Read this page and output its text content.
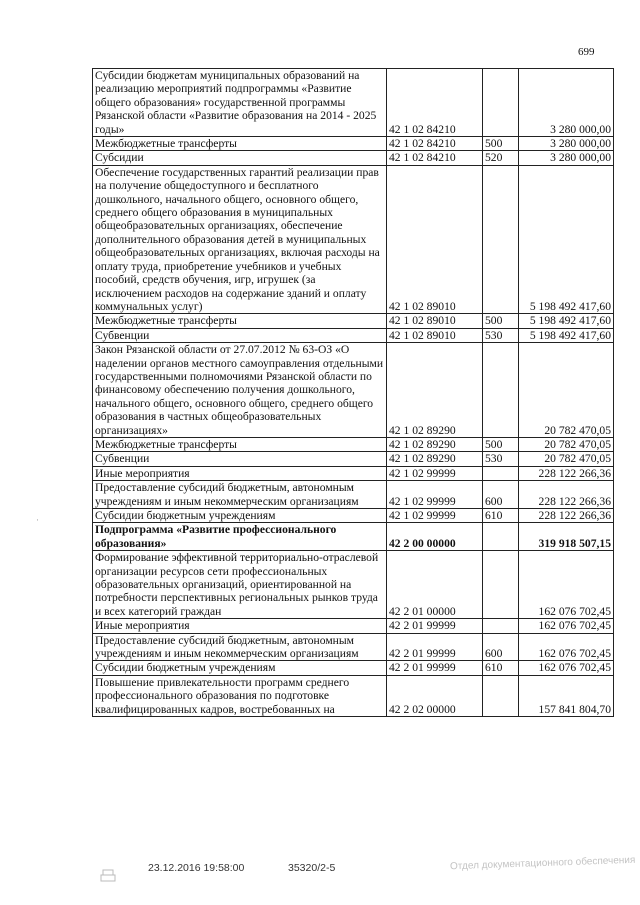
699
Субсидии бюджетам муниципальных образований на реализацию мероприятий подпрограммы «Развитие общего образования» государственной программы Рязанской области «Развитие образования на 2014 - 2025 годы»	42 1 02 84210		3 280 000,00
Межбюджетные трансферты	42 1 02 84210	500	3 280 000,00
Субсидии	42 1 02 84210	520	3 280 000,00
Обеспечение государственных гарантий реализации прав на получение общедоступного и бесплатного дошкольного, начального общего, основного общего, среднего общего образования в муниципальных общеобразовательных организациях, обеспечение дополнительного образования детей в муниципальных общеобразовательных организациях, включая расходы на оплату труда, приобретение учебников и учебных пособий, средств обучения, игр, игрушек (за исключением расходов на содержание зданий и оплату коммунальных услуг)	42 1 02 89010		5 198 492 417,60
Межбюджетные трансферты	42 1 02 89010	500	5 198 492 417,60
Субвенции	42 1 02 89010	530	5 198 492 417,60
Закон Рязанской области от 27.07.2012 № 63-ОЗ «О наделении органов местного самоуправления отдельными государственными полномочиями Рязанской области по финансовому обеспечению получения дошкольного, начального общего, основного общего, среднего общего образования в частных общеобразовательных организациях»	42 1 02 89290		20 782 470,05
Межбюджетные трансферты	42 1 02 89290	500	20 782 470,05
Субвенции	42 1 02 89290	530	20 782 470,05
Иные мероприятия	42 1 02 99999		228 122 266,36
Предоставление субсидий бюджетным, автономным учреждениям и иным некоммерческим организациям	42 1 02 99999	600	228 122 266,36
Субсидии бюджетным учреждениям	42 1 02 99999	610	228 122 266,36
Подпрограмма «Развитие профессионального образования»	42 2 00 00000		319 918 507,15
Формирование эффективной территориально-отраслевой организации ресурсов сети профессиональных образовательных организаций, ориентированной на потребности перспективных региональных рынков труда и всех категорий граждан	42 2 01 00000		162 076 702,45
Иные мероприятия	42 2 01 99999		162 076 702,45
Предоставление субсидий бюджетным, автономным учреждениям и иным некоммерческим организациям	42 2 01 99999	600	162 076 702,45
Субсидии бюджетным учреждениям	42 2 01 99999	610	162 076 702,45
Повышение привлекательности программ среднего профессионального образования по подготовке квалифицированных кадров, востребованных на	42 2 02 00000		157 841 804,70
·
23.12.2016 19:58:00	35320/2-5	Отдел документационного обеспечения
